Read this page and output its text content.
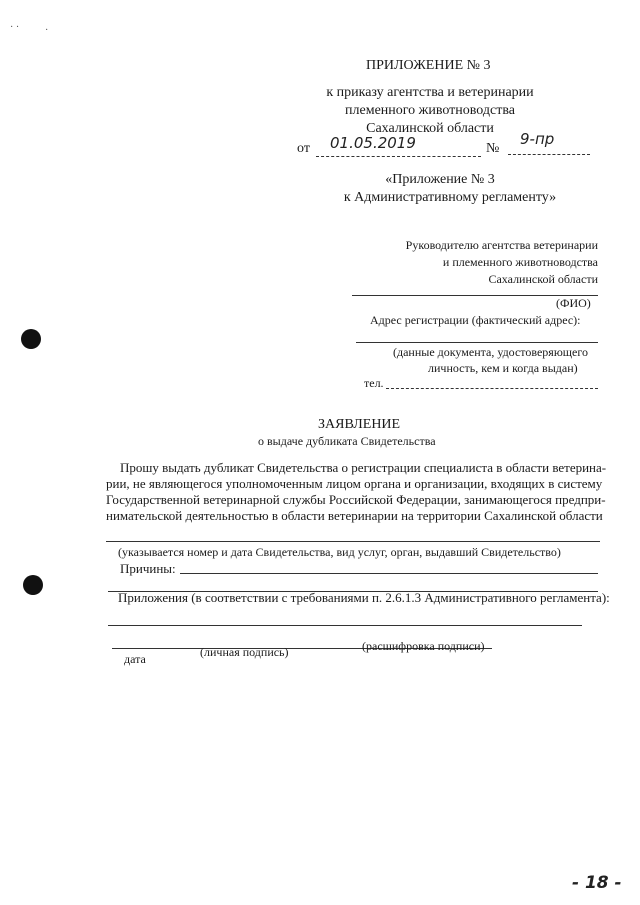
· ·	·
ПРИЛОЖЕНИЕ № 3
к приказу агентства и ветеринарии
племенного животноводства
Сахалинской области
от 01.05.2019	№
9-пр
«Приложение № 3
к Административному регламенту»
Руководителю агентства ветеринарии
и племенного животноводства
Сахалинской области
(ФИО)
Адрес регистрации (фактический адрес):
(данные документа, удостоверяющего
личность, кем и когда выдан)
тел.
ЗАЯВЛЕНИЕ
о выдаче дубликата Свидетельства
Прошу выдать дубликат Свидетельства о регистрации специалиста в области ветерина-
рии, не являющегося уполномоченным лицом органа и организации, входящих в систему
Государственной ветеринарной службы Российской Федерации, занимающегося предпри-
нимательской деятельностью в области ветеринарии на территории Сахалинской области
(указывается номер и дата Свидетельства, вид услуг, орган, выдавший Свидетельство)
Причины:
Приложения (в соответствии с требованиями п. 2.6.1.3 Административного регламента):
дата	(личная подпись)	(расшифровка подписи)
- 18 -
